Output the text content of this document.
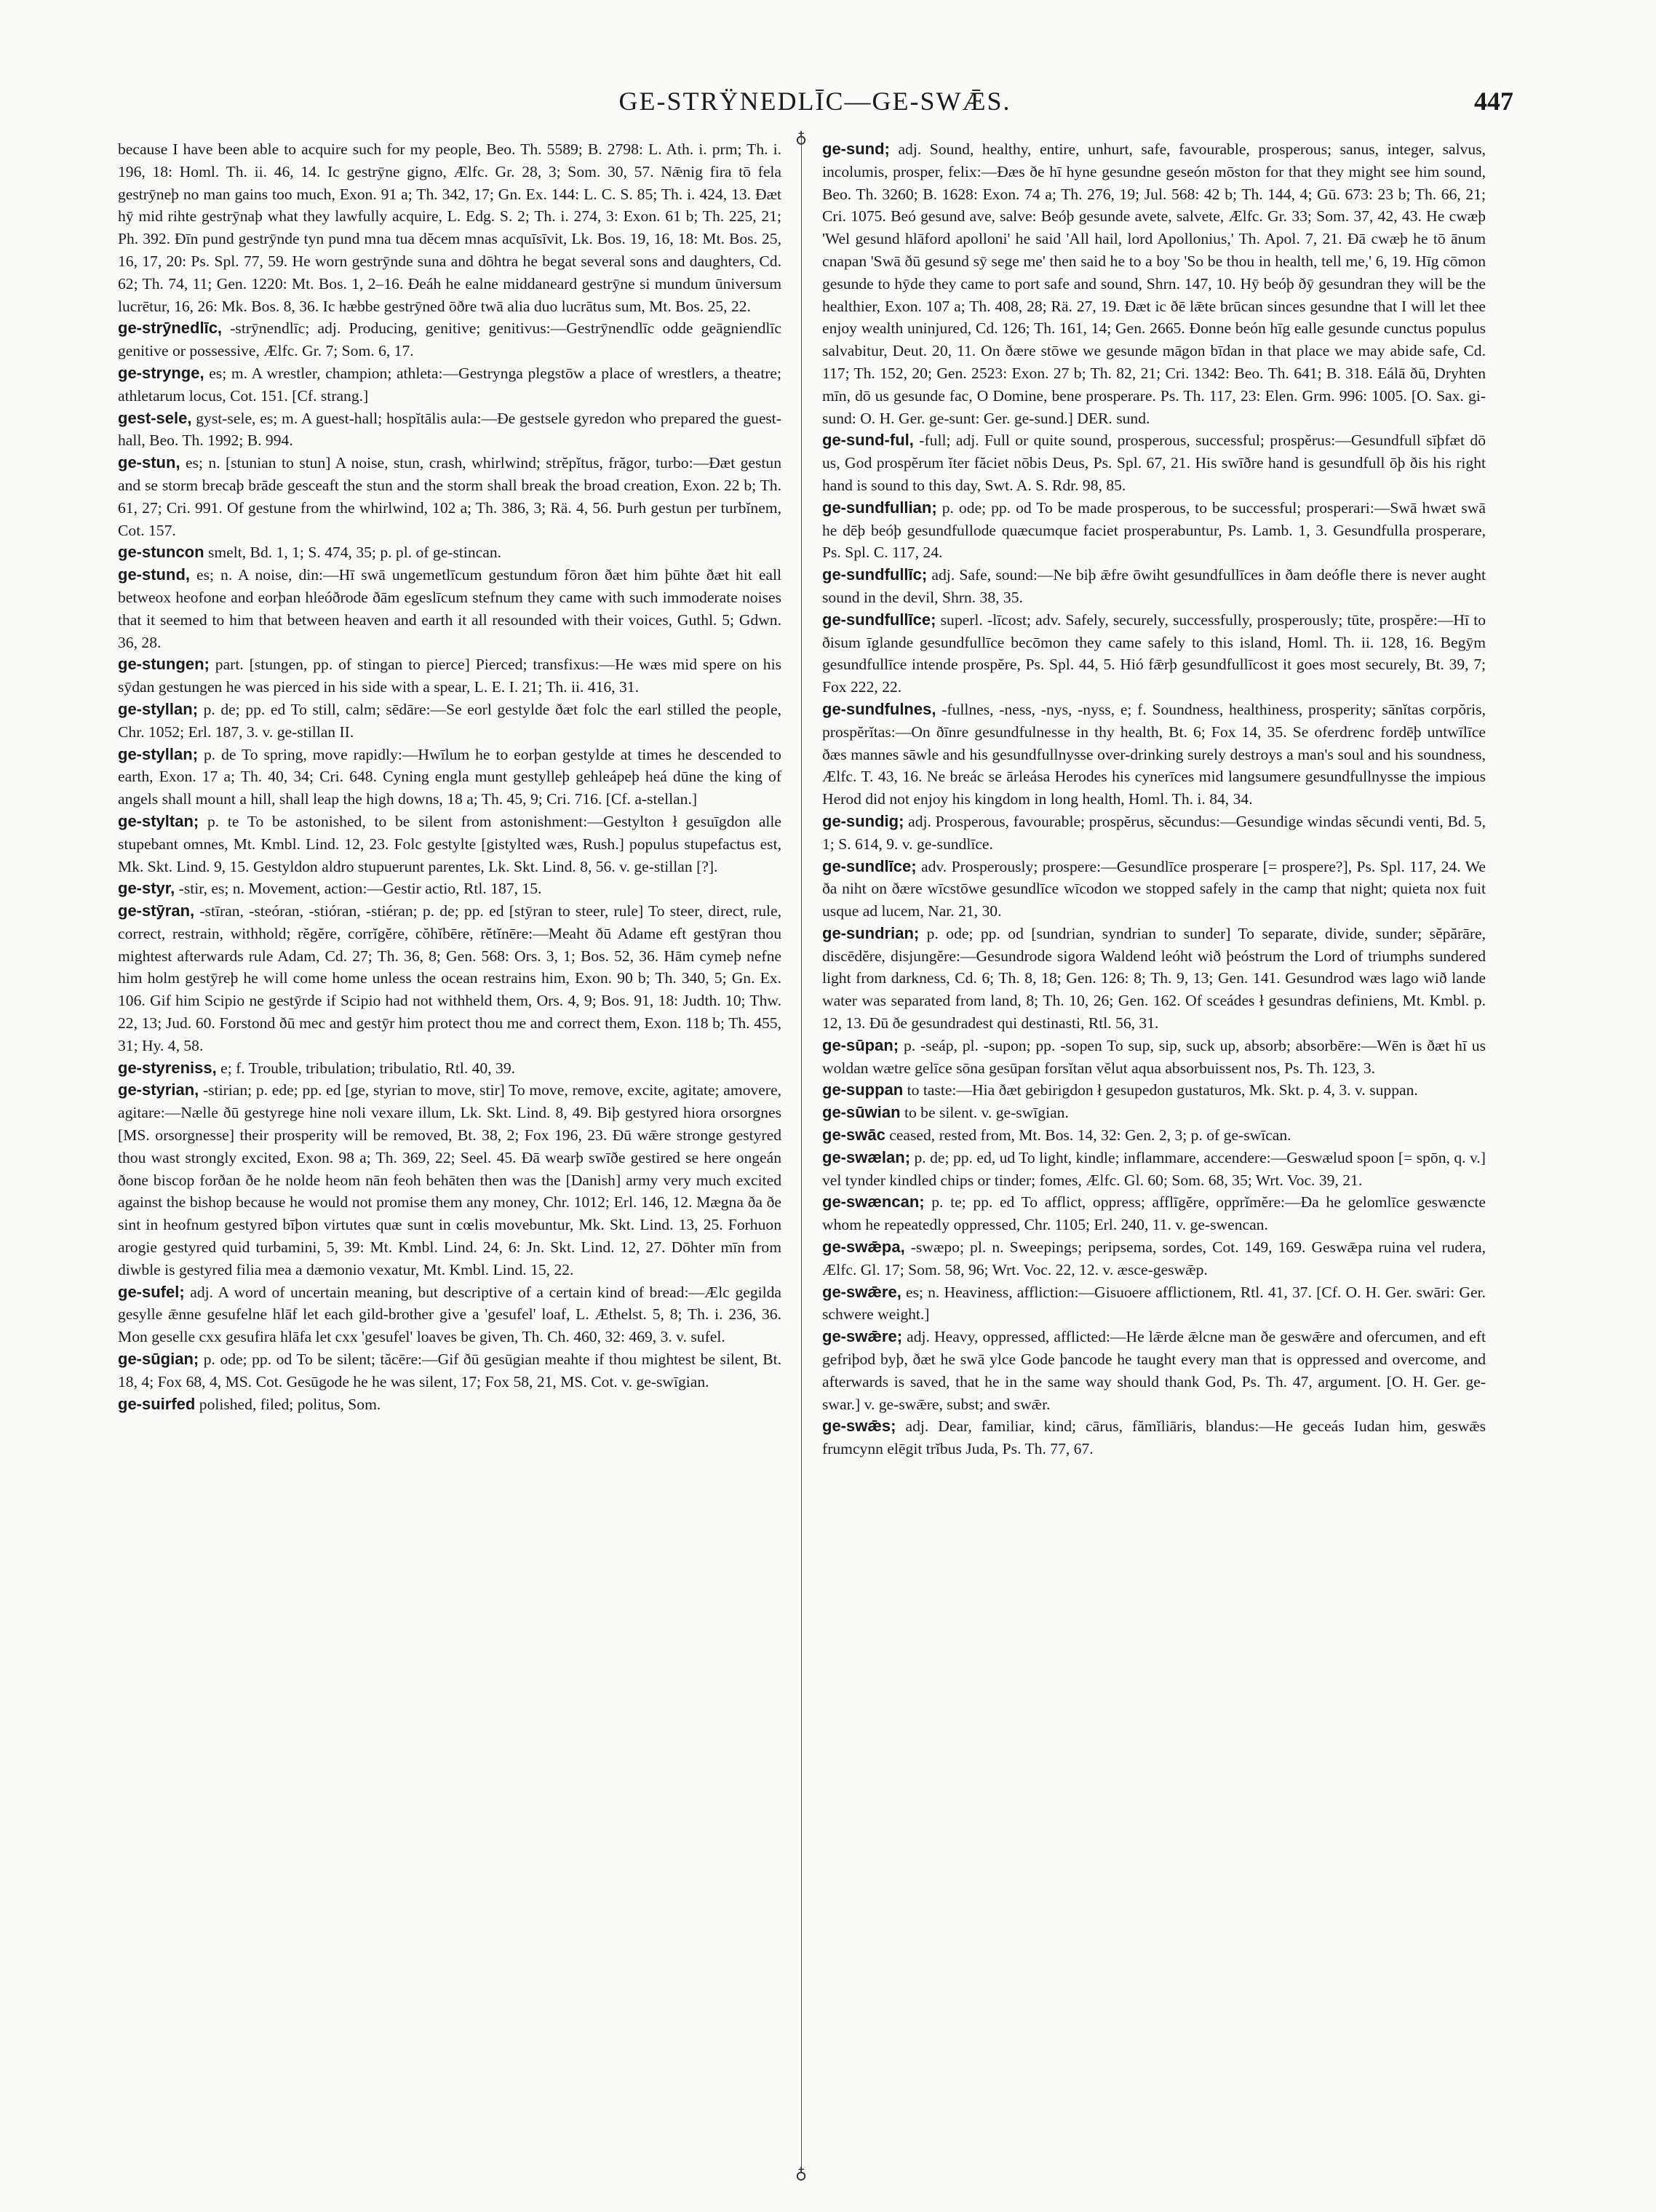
GE-STRŸNEDLĪC—GE-SWǢS.	447
♁
♁

because I have been able to acquire such for my people, Beo. Th. 5589; B. 2798: L. Ath. i. prm; Th. i. 196, 18: Homl. Th. ii. 46, 14. Ic gestrȳne gigno, Ælfc. Gr. 28, 3; Som. 30, 57. Nǣnig fira tō fela gestrȳneþ no man gains too much, Exon. 91 a; Th. 342, 17; Gn. Ex. 144: L. C. S. 85; Th. i. 424, 13. Ðæt hȳ mid rihte gestrȳnaþ what they lawfully acquire, L. Edg. S. 2; Th. i. 274, 3: Exon. 61 b; Th. 225, 21; Ph. 392. Ðīn pund gestrȳnde tyn pund mna tua dĕcem mnas acquīsīvit, Lk. Bos. 19, 16, 18: Mt. Bos. 25, 16, 17, 20: Ps. Spl. 77, 59. He worn gestrȳnde suna and dōhtra he begat several sons and daughters, Cd. 62; Th. 74, 11; Gen. 1220: Mt. Bos. 1, 2–16. Ðeáh he ealne middaneard gestrȳne si mundum ūniversum lucrētur, 16, 26: Mk. Bos. 8, 36. Ic hæbbe gestrȳned ōðre twā alia duo lucrātus sum, Mt. Bos. 25, 22.

ge-strȳnedlīc, -strȳnendlīc; adj. Producing, genitive; genitivus:—Gestrȳnendlīc odde geāgniendlīc genitive or possessive, Ælfc. Gr. 7; Som. 6, 17.

ge-strynge, es; m. A wrestler, champion; athleta:—Gestrynga plegstōw a place of wrestlers, a theatre; athletarum locus, Cot. 151. [Cf. strang.]

gest-sele, gyst-sele, es; m. A guest-hall; hospĭtālis aula:—Ðe gestsele gyredon who prepared the guest-hall, Beo. Th. 1992; B. 994.

ge-stun, es; n. [stunian to stun] A noise, stun, crash, whirlwind; strĕpĭtus, frăgor, turbo:—Ðæt gestun and se storm brecaþ brāde gesceaft the stun and the storm shall break the broad creation, Exon. 22 b; Th. 61, 27; Cri. 991. Of gestune from the whirlwind, 102 a; Th. 386, 3; Rä. 4, 56. Þurh gestun per turbĭnem, Cot. 157.

ge-stuncon smelt, Bd. 1, 1; S. 474, 35; p. pl. of ge-stincan.

ge-stund, es; n. A noise, din:—Hī swā ungemetlīcum gestundum fōron ðæt him þūhte ðæt hit eall betweox heofone and eorþan hleóðrode ðām egeslīcum stefnum they came with such immoderate noises that it seemed to him that between heaven and earth it all resounded with their voices, Guthl. 5; Gdwn. 36, 28.

ge-stungen; part. [stungen, pp. of stingan to pierce] Pierced; transfixus:—He wæs mid spere on his sȳdan gestungen he was pierced in his side with a spear, L. E. I. 21; Th. ii. 416, 31.

ge-styllan; p. de; pp. ed To still, calm; sēdāre:—Se eorl gestylde ðæt folc the earl stilled the people, Chr. 1052; Erl. 187, 3. v. ge-stillan II.

ge-styllan; p. de To spring, move rapidly:—Hwīlum he to eorþan gestylde at times he descended to earth, Exon. 17 a; Th. 40, 34; Cri. 648. Cyning engla munt gestylleþ gehleápeþ heá dūne the king of angels shall mount a hill, shall leap the high downs, 18 a; Th. 45, 9; Cri. 716. [Cf. a-stellan.]

ge-styltan; p. te To be astonished, to be silent from astonishment:—Gestylton ł gesuīgdon alle stupebant omnes, Mt. Kmbl. Lind. 12, 23. Folc gestylte [gistylted wæs, Rush.] populus stupefactus est, Mk. Skt. Lind. 9, 15. Gestyldon aldro stupuerunt parentes, Lk. Skt. Lind. 8, 56. v. ge-stillan [?].

ge-styr, -stir, es; n. Movement, action:—Gestir actio, Rtl. 187, 15.

ge-stȳran, -stīran, -steóran, -stióran, -stiéran; p. de; pp. ed [stȳran to steer, rule] To steer, direct, rule, correct, restrain, withhold; rĕgĕre, corrĭgĕre, cŏhĭbēre, rĕtĭnēre:—Meaht ðū Adame eft gestȳran thou mightest afterwards rule Adam, Cd. 27; Th. 36, 8; Gen. 568: Ors. 3, 1; Bos. 52, 36. Hām cymeþ nefne him holm gestȳreþ he will come home unless the ocean restrains him, Exon. 90 b; Th. 340, 5; Gn. Ex. 106. Gif him Scipio ne gestȳrde if Scipio had not withheld them, Ors. 4, 9; Bos. 91, 18: Judth. 10; Thw. 22, 13; Jud. 60. Forstond ðū mec and gestȳr him protect thou me and correct them, Exon. 118 b; Th. 455, 31; Hy. 4, 58.

ge-styreniss, e; f. Trouble, tribulation; tribulatio, Rtl. 40, 39.

ge-styrian, -stirian; p. ede; pp. ed [ge, styrian to move, stir] To move, remove, excite, agitate; amovere, agitare:—Nælle ðū gestyrege hine noli vexare illum, Lk. Skt. Lind. 8, 49. Biþ gestyred hiora orsorgnes [MS. orsorgnesse] their prosperity will be removed, Bt. 38, 2; Fox 196, 23. Ðū wǣre stronge gestyred thou wast strongly excited, Exon. 98 a; Th. 369, 22; Seel. 45. Ðā wearþ swīðe gestired se here ongeán ðone biscop forðan ðe he nolde heom nān feoh behāten then was the [Danish] army very much excited against the bishop because he would not promise them any money, Chr. 1012; Erl. 146, 12. Mægna ða ðe sint in heofnum gestyred bīþon virtutes quæ sunt in cœlis movebuntur, Mk. Skt. Lind. 13, 25. Forhuon arogie gestyred quid turbamini, 5, 39: Mt. Kmbl. Lind. 24, 6: Jn. Skt. Lind. 12, 27. Dōhter mīn from diwble is gestyred filia mea a dæmonio vexatur, Mt. Kmbl. Lind. 15, 22.

ge-sufel; adj. A word of uncertain meaning, but descriptive of a certain kind of bread:—Ælc gegilda gesylle ǣnne gesufelne hlāf let each gild-brother give a 'gesufel' loaf, L. Æthelst. 5, 8; Th. i. 236, 36. Mon geselle cxx gesufira hlāfa let cxx 'gesufel' loaves be given, Th. Ch. 460, 32: 469, 3. v. sufel.

ge-sūgian; p. ode; pp. od To be silent; tăcēre:—Gif ðū gesūgian meahte if thou mightest be silent, Bt. 18, 4; Fox 68, 4, MS. Cot. Gesūgode he he was silent, 17; Fox 58, 21, MS. Cot. v. ge-swīgian.

ge-suirfed polished, filed; politus, Som.

ge-sund; adj. Sound, healthy, entire, unhurt, safe, favourable, prosperous; sanus, integer, salvus, incolumis, prosper, felix:—Ðæs ðe hī hyne gesundne geseón mōston for that they might see him sound, Beo. Th. 3260; B. 1628: Exon. 74 a; Th. 276, 19; Jul. 568: 42 b; Th. 144, 4; Gū. 673: 23 b; Th. 66, 21; Cri. 1075. Beó gesund ave, salve: Beóþ gesunde avete, salvete, Ælfc. Gr. 33; Som. 37, 42, 43. He cwæþ 'Wel gesund hlāford apolloni' he said 'All hail, lord Apollonius,' Th. Apol. 7, 21. Ðā cwæþ he tō ānum cnapan 'Swā ðū gesund sȳ sege me' then said he to a boy 'So be thou in health, tell me,' 6, 19. Hīg cōmon gesunde to hȳde they came to port safe and sound, Shrn. 147, 10. Hȳ beóþ ðȳ gesundran they will be the healthier, Exon. 107 a; Th. 408, 28; Rä. 27, 19. Ðæt ic ðē lǣte brūcan sinces gesundne that I will let thee enjoy wealth uninjured, Cd. 126; Th. 161, 14; Gen. 2665. Ðonne beón hīg ealle gesunde cunctus populus salvabitur, Deut. 20, 11. On ðære stōwe we gesunde māgon bīdan in that place we may abide safe, Cd. 117; Th. 152, 20; Gen. 2523: Exon. 27 b; Th. 82, 21; Cri. 1342: Beo. Th. 641; B. 318. Eálā ðū, Dryhten mīn, dō us gesunde fac, O Domine, bene prosperare. Ps. Th. 117, 23: Elen. Grm. 996: 1005. [O. Sax. gi-sund: O. H. Ger. ge-sunt: Ger. ge-sund.] DER. sund.

ge-sund-ful, -full; adj. Full or quite sound, prosperous, successful; prospĕrus:—Gesundfull sīþfæt dō us, God prospĕrum ĭter făciet nōbis Deus, Ps. Spl. 67, 21. His swīðre hand is gesundfull ōþ ðis his right hand is sound to this day, Swt. A. S. Rdr. 98, 85.

ge-sundfullian; p. ode; pp. od To be made prosperous, to be successful; prosperari:—Swā hwæt swā he dēþ beóþ gesundfullode quæcumque faciet prosperabuntur, Ps. Lamb. 1, 3. Gesundfulla prosperare, Ps. Spl. C. 117, 24.

ge-sundfullīc; adj. Safe, sound:—Ne biþ ǣfre ōwiht gesundfullīces in ðam deófle there is never aught sound in the devil, Shrn. 38, 35.

ge-sundfullīce; superl. -līcost; adv. Safely, securely, successfully, prosperously; tūte, prospĕre:—Hī to ðisum īglande gesundfullīce becōmon they came safely to this island, Homl. Th. ii. 128, 16. Begȳm gesundfullīce intende prospĕre, Ps. Spl. 44, 5. Hió fǣrþ gesundfullīcost it goes most securely, Bt. 39, 7; Fox 222, 22.

ge-sundfulnes, -fullnes, -ness, -nys, -nyss, e; f. Soundness, healthiness, prosperity; sānĭtas corpŏris, prospĕrĭtas:—On ðīnre gesundfulnesse in thy health, Bt. 6; Fox 14, 35. Se oferdrenc fordēþ untwīlīce ðæs mannes sāwle and his gesundfullnysse over-drinking surely destroys a man's soul and his soundness, Ælfc. T. 43, 16. Ne breác se ārleása Herodes his cynerīces mid langsumere gesundfullnysse the impious Herod did not enjoy his kingdom in long health, Homl. Th. i. 84, 34.

ge-sundig; adj. Prosperous, favourable; prospĕrus, sĕcundus:—Gesundige windas sĕcundi venti, Bd. 5, 1; S. 614, 9. v. ge-sundlīce.

ge-sundlīce; adv. Prosperously; prospere:—Gesundlīce prosperare [= prospere?], Ps. Spl. 117, 24. We ða niht on ðære wīcstōwe gesundlīce wīcodon we stopped safely in the camp that night; quieta nox fuit usque ad lucem, Nar. 21, 30.

ge-sundrian; p. ode; pp. od [sundrian, syndrian to sunder] To separate, divide, sunder; sĕpărāre, discēdĕre, disjungĕre:—Gesundrode sigora Waldend leóht wið þeóstrum the Lord of triumphs sundered light from darkness, Cd. 6; Th. 8, 18; Gen. 126: 8; Th. 9, 13; Gen. 141. Gesundrod wæs lago wið lande water was separated from land, 8; Th. 10, 26; Gen. 162. Of sceádes ł gesundras definiens, Mt. Kmbl. p. 12, 13. Ðū ðe gesundradest qui destinasti, Rtl. 56, 31.

ge-sūpan; p. -seáp, pl. -supon; pp. -sopen To sup, sip, suck up, absorb; absorbēre:—Wēn is ðæt hī us woldan wætre gelīce sōna gesūpan forsĭtan vĕlut aqua absorbuissent nos, Ps. Th. 123, 3.

ge-suppan to taste:—Hia ðæt gebirigdon ł gesupedon gustaturos, Mk. Skt. p. 4, 3. v. suppan.

ge-sūwian to be silent. v. ge-swīgian.

ge-swāc ceased, rested from, Mt. Bos. 14, 32: Gen. 2, 3; p. of ge-swīcan.

ge-swælan; p. de; pp. ed, ud To light, kindle; inflammare, accendere:—Geswælud spoon [= spōn, q. v.] vel tynder kindled chips or tinder; fomes, Ælfc. Gl. 60; Som. 68, 35; Wrt. Voc. 39, 21.

ge-swæncan; p. te; pp. ed To afflict, oppress; afflīgĕre, opprĭmĕre:—Ða he gelomlīce geswæncte whom he repeatedly oppressed, Chr. 1105; Erl. 240, 11. v. ge-swencan.

ge-swǣpa, -swæpo; pl. n. Sweepings; peripsema, sordes, Cot. 149, 169. Geswǣpa ruina vel rudera, Ælfc. Gl. 17; Som. 58, 96; Wrt. Voc. 22, 12. v. æsce-geswǣp.

ge-swǣre, es; n. Heaviness, affliction:—Gisuoere afflictionem, Rtl. 41, 37. [Cf. O. H. Ger. swāri: Ger. schwere weight.]

ge-swǣre; adj. Heavy, oppressed, afflicted:—He lǣrde ǣlcne man ðe geswǣre and ofercumen, and eft gefriþod byþ, ðæt he swā ylce Gode þancode he taught every man that is oppressed and overcome, and afterwards is saved, that he in the same way should thank God, Ps. Th. 47, argument. [O. H. Ger. ge-swar.] v. ge-swǣre, subst; and swǣr.

ge-swǣs; adj. Dear, familiar, kind; cārus, fămĭliāris, blandus:—He geceás Iudan him, geswǣs frumcynn elēgit trĭbus Juda, Ps. Th. 77, 67.
